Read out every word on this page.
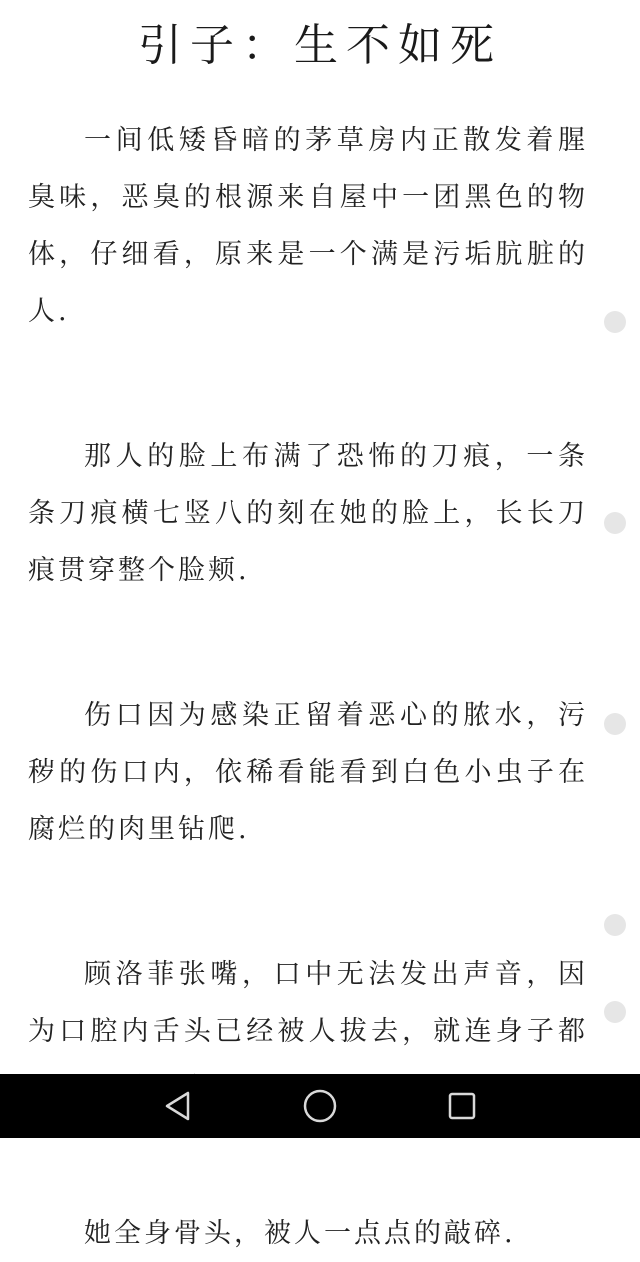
引子：生不如死

一间低矮昏暗的茅草房内正散发着腥臭味，恶臭的根源来自屋中一团黑色的物体，仔细看，原来是一个满是污垢肮脏的人.

那人的脸上布满了恐怖的刀痕，一条条刀痕横七竖八的刻在她的脸上，长长刀痕贯穿整个脸颊.

伤口因为感染正留着恶心的脓水，污秽的伤口内，依稀看能看到白色小虫子在腐烂的肉里钻爬.

顾洛菲张嘴，口中无法发出声音，因为口腔内舌头已经被人拔去，就连身子都

她全身骨头，被人一点点的敲碎.
